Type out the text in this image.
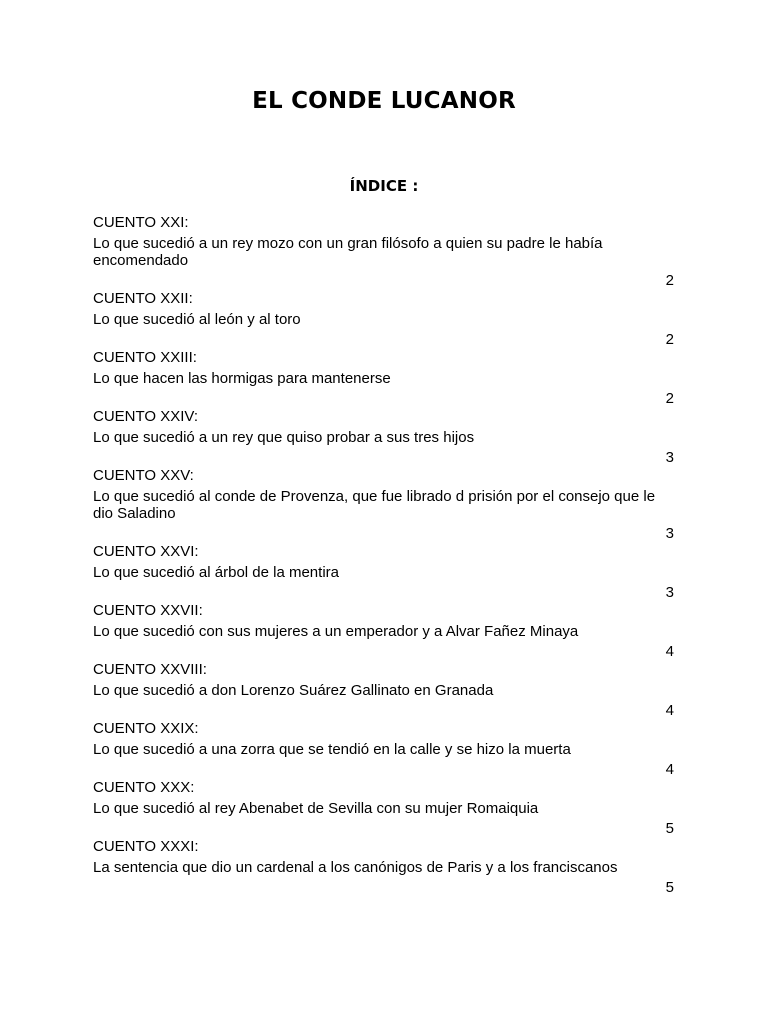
EL CONDE LUCANOR
ÍNDICE :
CUENTO XXI:
Lo que sucedió a un rey mozo con un gran filósofo a quien su padre le había encomendado
2
CUENTO XXII:
Lo que sucedió al león y al toro
2
CUENTO XXIII:
Lo que hacen las hormigas para mantenerse
2
CUENTO XXIV:
Lo que sucedió a un rey que quiso probar a sus tres hijos
3
CUENTO XXV:
Lo que sucedió al conde de Provenza, que fue librado d prisión por el consejo que le dio Saladino
3
CUENTO XXVI:
Lo que sucedió al árbol de la mentira
3
CUENTO XXVII:
Lo que sucedió con sus mujeres a un emperador y a Alvar Fañez Minaya
4
CUENTO XXVIII:
Lo que sucedió a don Lorenzo Suárez Gallinato en Granada
4
CUENTO XXIX:
Lo que sucedió a una zorra que se tendió en la calle y se hizo la muerta
4
CUENTO XXX:
Lo que sucedió al rey Abenabet de Sevilla con su mujer Romaiquia
5
CUENTO XXXI:
La sentencia que dio un cardenal a los canónigos de Paris y a los franciscanos
5
